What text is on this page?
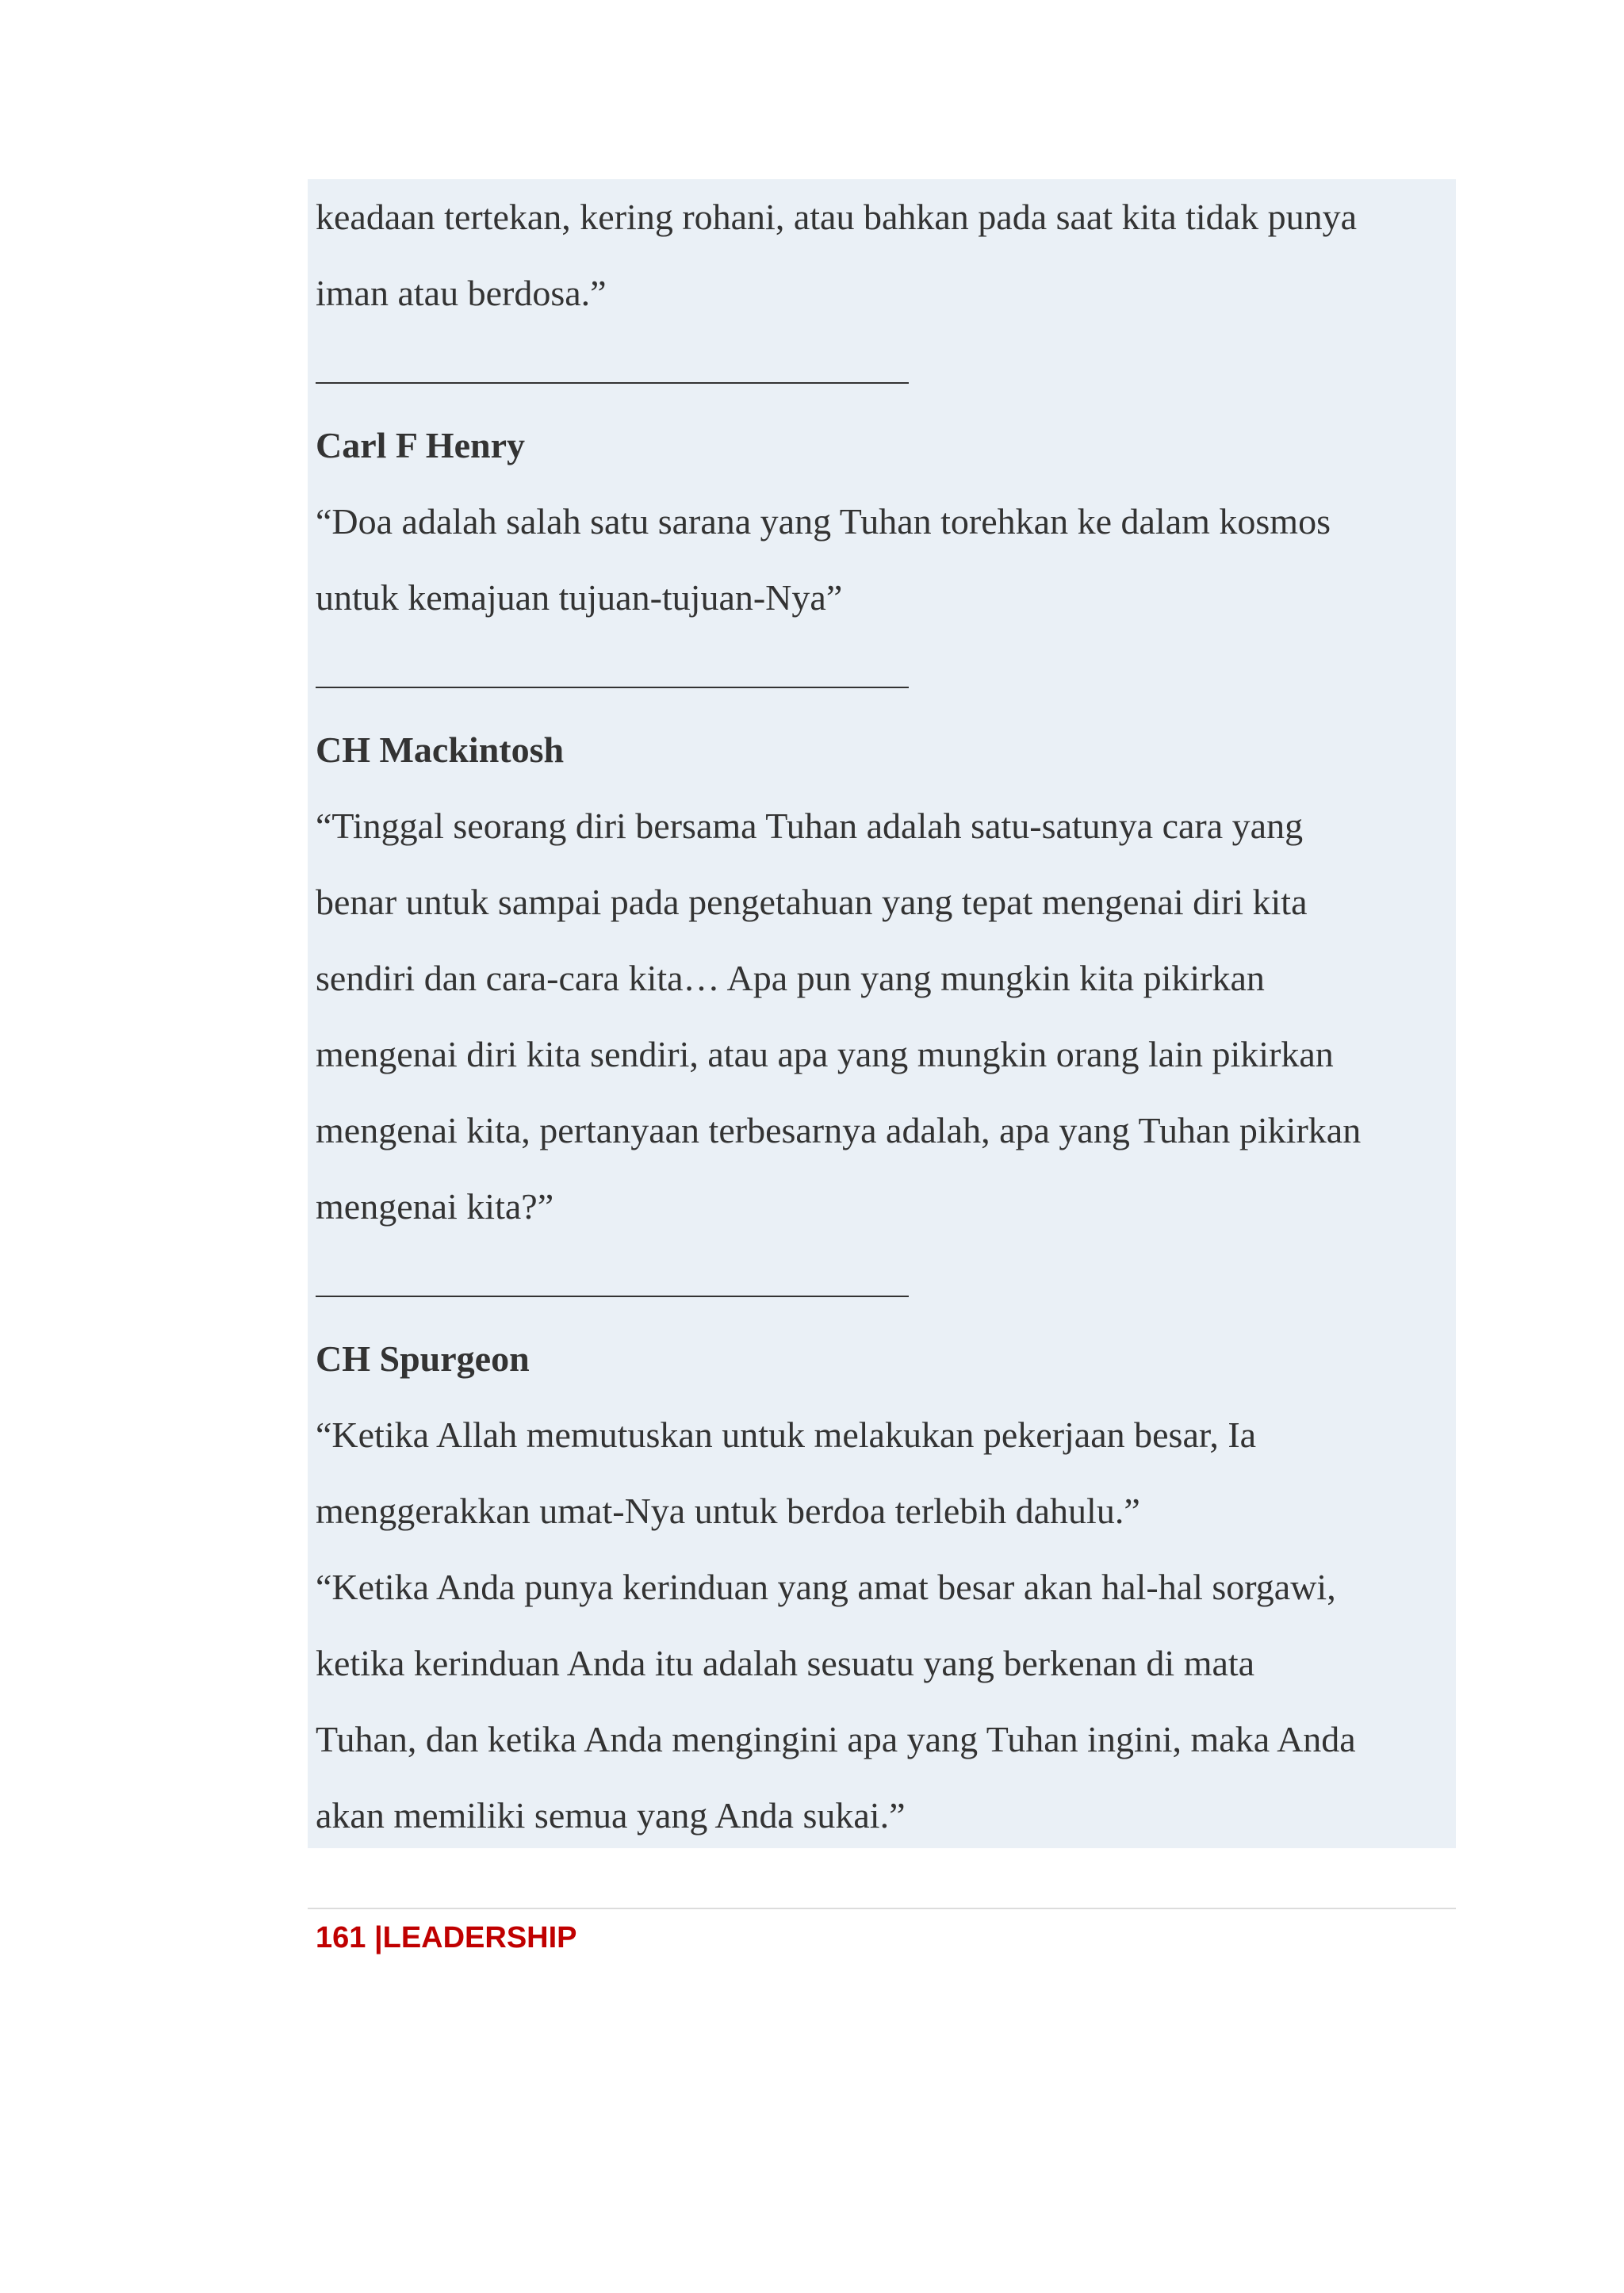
keadaan tertekan, kering rohani, atau bahkan pada saat kita tidak punya
iman atau berdosa.”
Carl F Henry
“Doa adalah salah satu sarana yang Tuhan torehkan ke dalam kosmos
untuk kemajuan tujuan-tujuan-Nya”
CH Mackintosh
“Tinggal seorang diri bersama Tuhan adalah satu-satunya cara yang
benar untuk sampai pada pengetahuan yang tepat mengenai diri kita
sendiri dan cara-cara kita… Apa pun yang mungkin kita pikirkan
mengenai diri kita sendiri, atau apa yang mungkin orang lain pikirkan
mengenai kita, pertanyaan terbesarnya adalah, apa yang Tuhan pikirkan
mengenai kita?”
CH Spurgeon
“Ketika Allah memutuskan untuk melakukan pekerjaan besar, Ia
menggerakkan umat-Nya untuk berdoa terlebih dahulu.”
“Ketika Anda punya kerinduan yang amat besar akan hal-hal sorgawi,
ketika kerinduan Anda itu adalah sesuatu yang berkenan di mata
Tuhan, dan ketika Anda mengingini apa yang Tuhan ingini, maka Anda
akan memiliki semua yang Anda sukai.”
161 |LEADERSHIP
